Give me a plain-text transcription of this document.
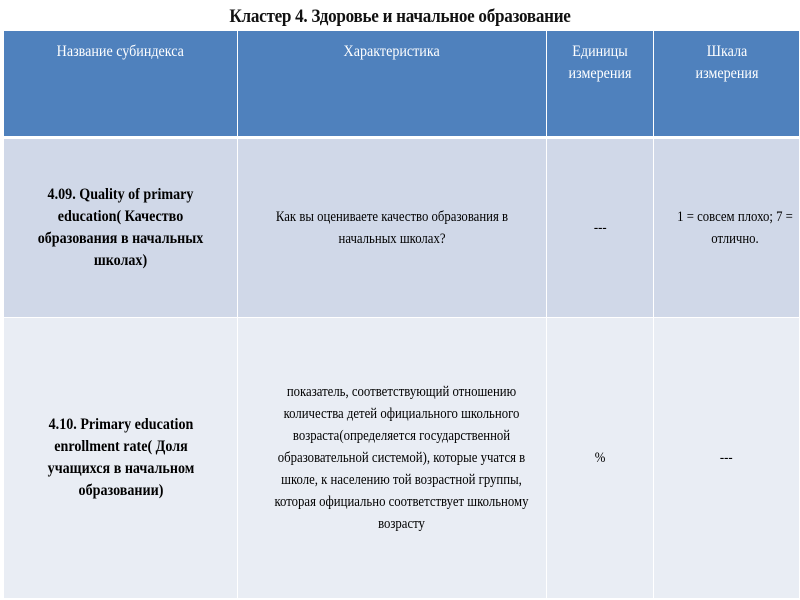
Кластер 4. Здоровье и начальное образование
Название субиндекса	Характеристика	Единицы измерения	Шкала измерения
4.09. Quality of primary education( Качество образования в начальных школах)	Как вы оцениваете качество образования в начальных школах?	---	1 = совсем плохо; 7 = отлично.
4.10. Primary education enrollment rate( Доля учащихся в начальном образовании)	показатель, соответствующий отношению количества детей официального школьного возраста(определяется государственной образовательной системой), которые учатся в школе, к населению той возрастной группы, которая официально соответствует школьному возрасту	%	---
